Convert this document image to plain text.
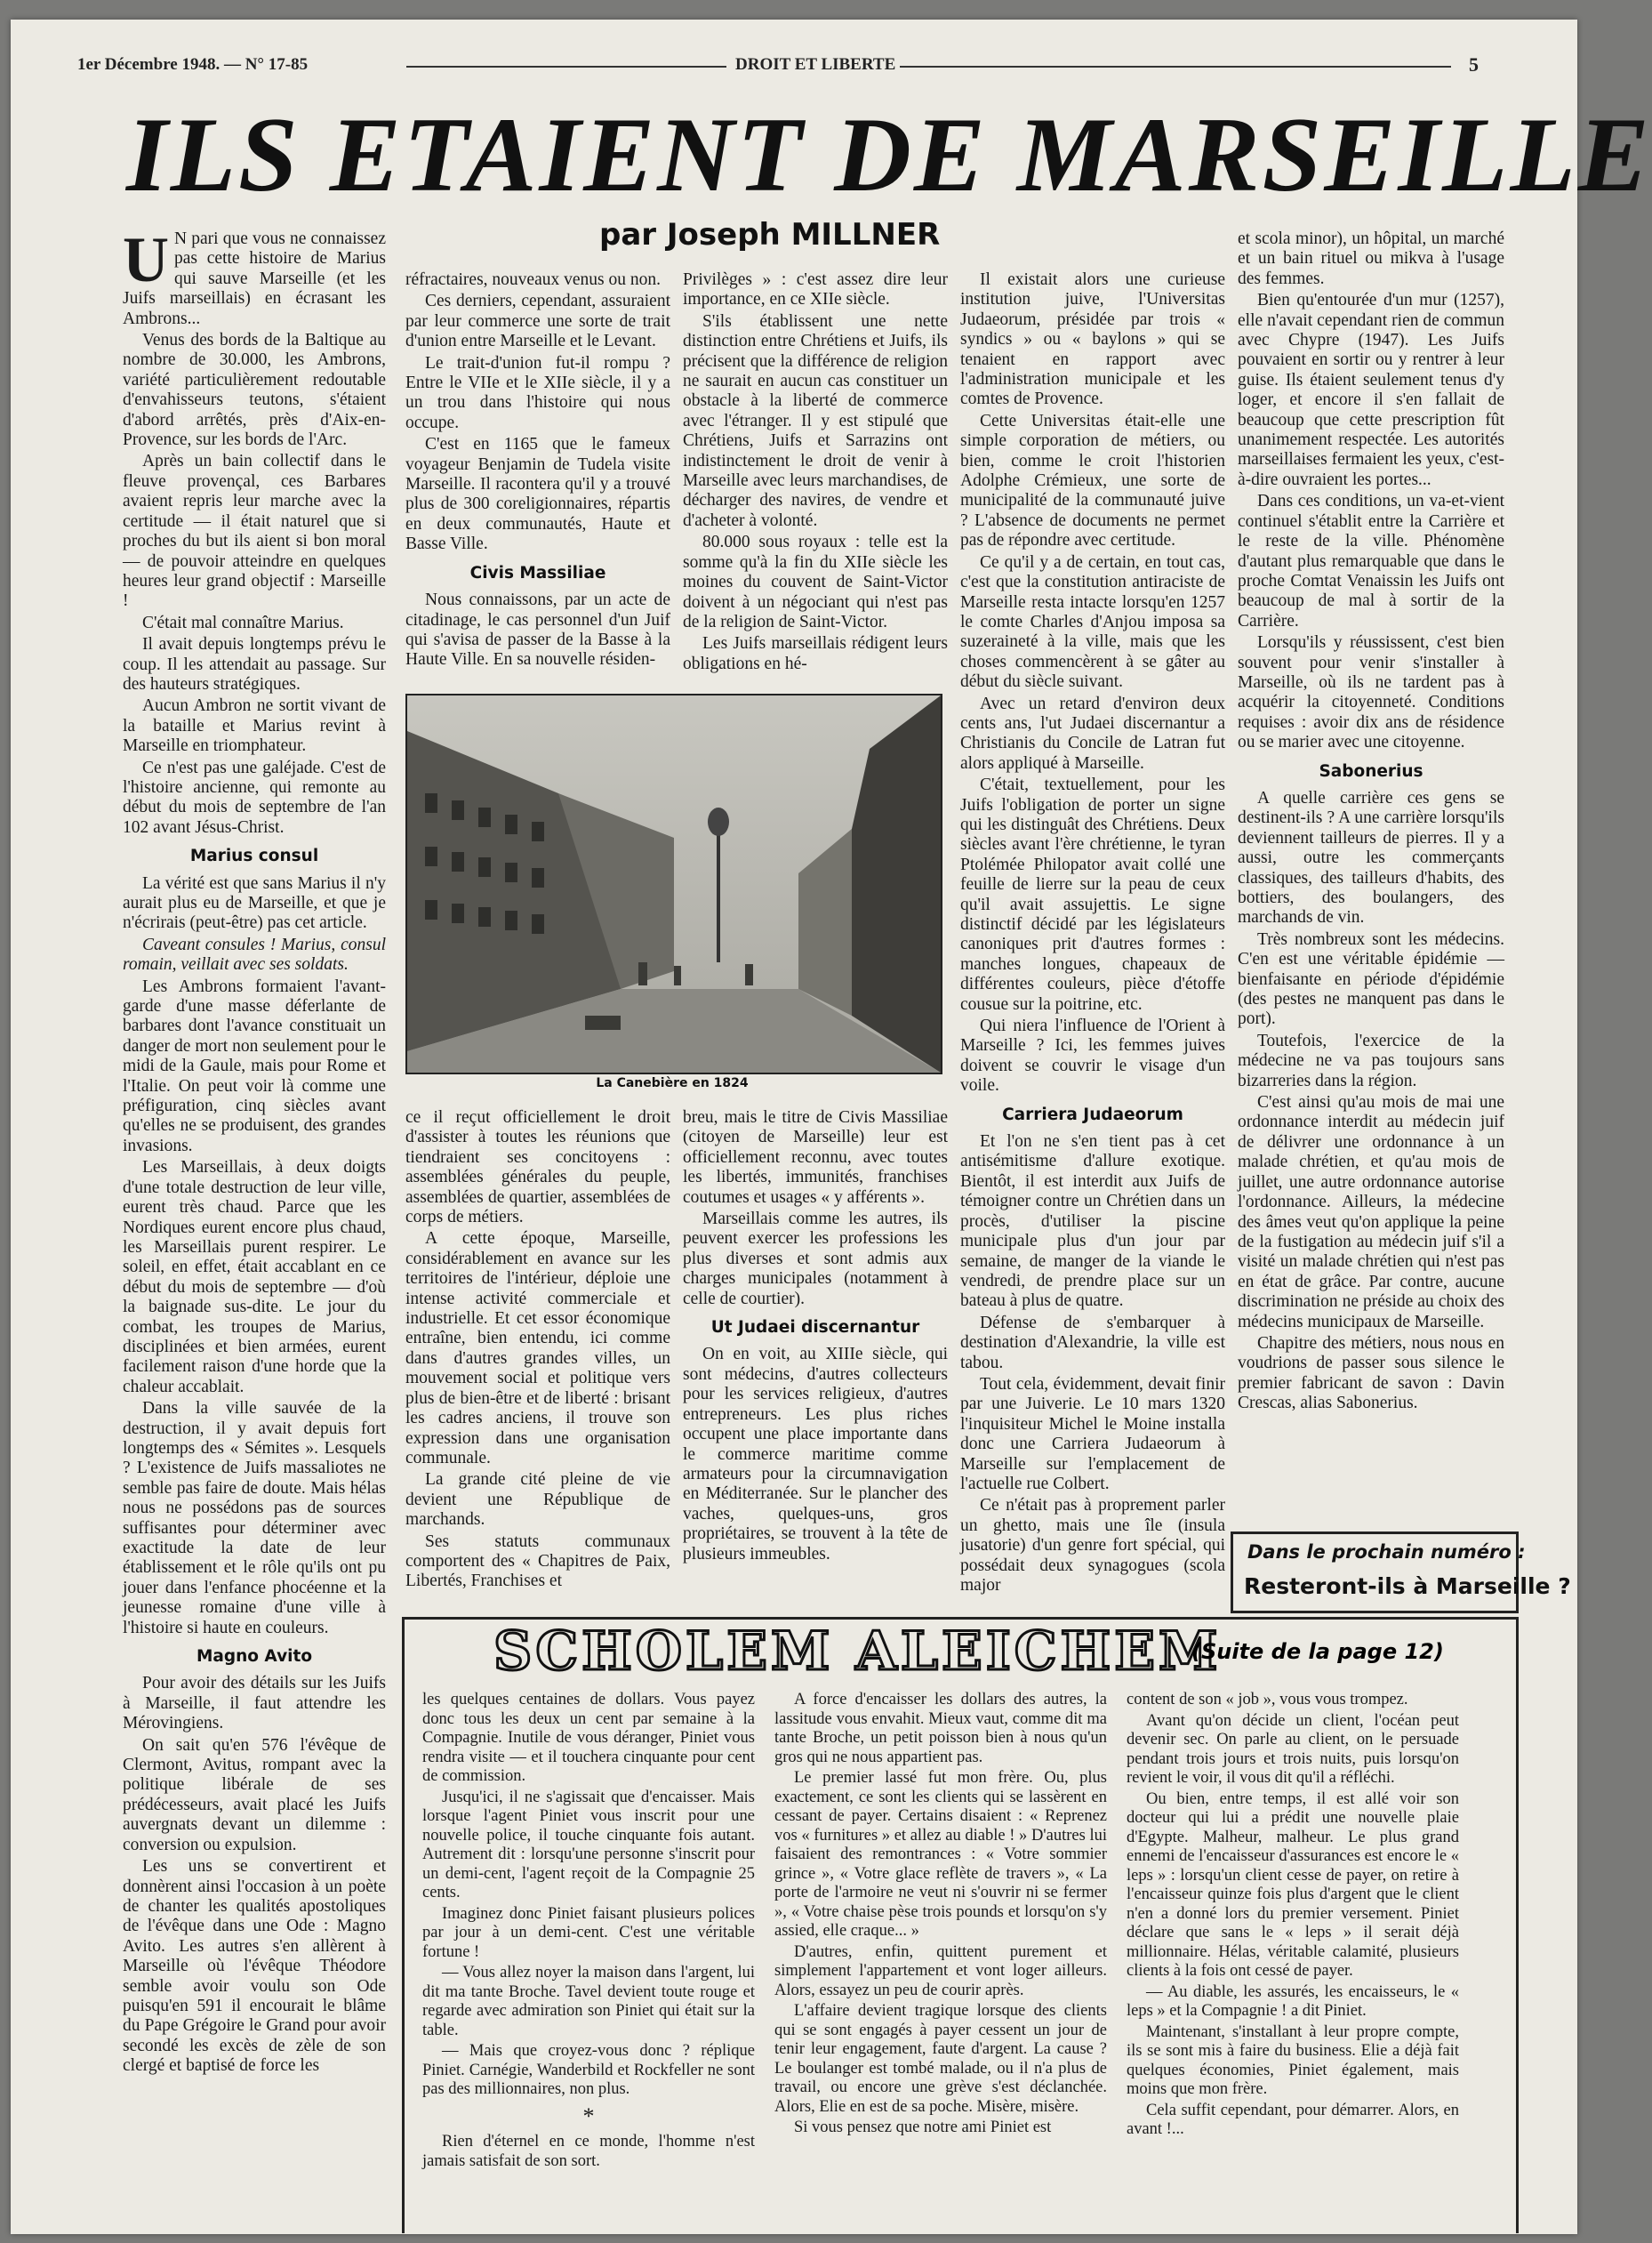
1er Décembre 1948. — N° 17-85	DROIT ET LIBERTE	5
ILS ETAIENT DE MARSEILLE
par Joseph MILLNER
U N pari que vous ne connaissez pas cette histoire de Marius qui sauve Marseille (et les Juifs marseillais) en écrasant les Ambrons...

Venus des bords de la Baltique au nombre de 30.000, les Ambrons, variété particulièrement redoutable d'envahisseurs teutons, s'étaient d'abord arrêtés, près d'Aix-en-Provence, sur les bords de l'Arc.

Après un bain collectif dans le fleuve provençal, ces Barbares avaient repris leur marche avec la certitude — il était naturel que si proches du but ils aient si bon moral — de pouvoir atteindre en quelques heures leur grand objectif : Marseille !

C'était mal connaître Marius.

Il avait depuis longtemps prévu le coup. Il les attendait au passage. Sur des hauteurs stratégiques.

Aucun Ambron ne sortit vivant de la bataille et Marius revint à Marseille en triomphateur.

Ce n'est pas une galéjade. C'est de l'histoire ancienne, qui remonte au début du mois de septembre de l'an 102 avant Jésus-Christ.

Marius consul

La vérité est que sans Marius il n'y aurait plus eu de Marseille, et que je n'écrirais (peut-être) pas cet article.

Caveant consules ! Marius, consul romain, veillait avec ses soldats.

Les Ambrons formaient l'avant-garde d'une masse déferlante de barbares dont l'avance constituait un danger de mort non seulement pour le midi de la Gaule, mais pour Rome et l'Italie. On peut voir là comme une préfiguration, cinq siècles avant qu'elles ne se produisent, des grandes invasions.

Les Marseillais, à deux doigts d'une totale destruction de leur ville, eurent très chaud. Parce que les Nordiques eurent encore plus chaud, les Marseillais purent respirer. Le soleil, en effet, était accablant en ce début du mois de septembre — d'où la baignade sus-dite. Le jour du combat, les troupes de Marius, disciplinées et bien armées, eurent facilement raison d'une horde que la chaleur accablait.

Dans la ville sauvée de la destruction, il y avait depuis fort longtemps des « Sémites ». Lesquels ? L'existence de Juifs massaliotes ne semble pas faire de doute. Mais hélas nous ne possédons pas de sources suffisantes pour déterminer avec exactitude la date de leur établissement et le rôle qu'ils ont pu jouer dans l'enfance phocéenne et la jeunesse romaine d'une ville à l'histoire si haute en couleurs.

Magno Avito

Pour avoir des détails sur les Juifs à Marseille, il faut attendre les Mérovingiens.

On sait qu'en 576 l'évêque de Clermont, Avitus, rompant avec la politique libérale de ses prédécesseurs, avait placé les Juifs auvergnats devant un dilemme : conversion ou expulsion.

Les uns se convertirent et donnèrent ainsi l'occasion à un poète de chanter les qualités apostoliques de l'évêque dans une Ode : Magno Avito. Les autres s'en allèrent à Marseille où l'évêque Théodore semble avoir voulu son Ode puisqu'en 591 il encourait le blâme du Pape Grégoire le Grand pour avoir secondé les excès de zèle de son clergé et baptisé de force les

réfractaires, nouveaux venus ou non.

Ces derniers, cependant, assuraient par leur commerce une sorte de trait d'union entre Marseille et le Levant.

Le trait-d'union fut-il rompu ? Entre le VIIe et le XIIe siècle, il y a un trou dans l'histoire qui nous occupe.

C'est en 1165 que le fameux voyageur Benjamin de Tudela visite Marseille. Il racontera qu'il y a trouvé plus de 300 coreligionnaires, répartis en deux communautés, Haute et Basse Ville.

Civis Massiliae

Nous connaissons, par un acte de citadinage, le cas personnel d'un Juif qui s'avisa de passer de la Basse à la Haute Ville. En sa nouvelle résiden-

Privilèges » : c'est assez dire leur importance, en ce XIIe siècle.

S'ils établissent une nette distinction entre Chrétiens et Juifs, ils précisent que la différence de religion ne saurait en aucun cas constituer un obstacle à la liberté de commerce avec l'étranger. Il y est stipulé que Chrétiens, Juifs et Sarrazins ont indistinctement le droit de venir à Marseille avec leurs marchandises, de décharger des navires, de vendre et d'acheter à volonté.

80.000 sous royaux : telle est la somme qu'à la fin du XIIe siècle les moines du couvent de Saint-Victor doivent à un négociant qui n'est pas de la religion de Saint-Victor.

Les Juifs marseillais rédigent leurs obligations en hé-

La Canebière en 1824

ce il reçut officiellement le droit d'assister à toutes les réunions que tiendraient ses concitoyens : assemblées générales du peuple, assemblées de quartier, assemblées de corps de métiers.

A cette époque, Marseille, considérablement en avance sur les territoires de l'intérieur, déploie une intense activité commerciale et industrielle. Et cet essor économique entraîne, bien entendu, ici comme dans d'autres grandes villes, un mouvement social et politique vers plus de bien-être et de liberté : brisant les cadres anciens, il trouve son expression dans une organisation communale.

La grande cité pleine de vie devient une République de marchands.

Ses statuts communaux comportent des « Chapitres de Paix, Libertés, Franchises et

breu, mais le titre de Civis Massiliae (citoyen de Marseille) leur est officiellement reconnu, avec toutes les libertés, immunités, franchises coutumes et usages « y afférents ».

Marseillais comme les autres, ils peuvent exercer les professions les plus diverses et sont admis aux charges municipales (notamment à celle de courtier).

Ut Judaei discernantur

On en voit, au XIIIe siècle, qui sont médecins, d'autres collecteurs pour les services religieux, d'autres entrepreneurs. Les plus riches occupent une place importante dans le commerce maritime comme armateurs pour la circumnavigation en Méditerranée. Sur le plancher des vaches, quelques-uns, gros propriétaires, se trouvent à la tête de plusieurs immeubles.

Il existait alors une curieuse institution juive, l'Universitas Judaeorum, présidée par trois « syndics » ou « baylons » qui se tenaient en rapport avec l'administration municipale et les comtes de Provence.

Cette Universitas était-elle une simple corporation de métiers, ou bien, comme le croit l'historien Adolphe Crémieux, une sorte de municipalité de la communauté juive ? L'absence de documents ne permet pas de répondre avec certitude.

Ce qu'il y a de certain, en tout cas, c'est que la constitution antiraciste de Marseille resta intacte lorsqu'en 1257 le comte Charles d'Anjou imposa sa suzeraineté à la ville, mais que les choses commencèrent à se gâter au début du siècle suivant.

Avec un retard d'environ deux cents ans, l'ut Judaei discernantur a Christianis du Concile de Latran fut alors appliqué à Marseille.

C'était, textuellement, pour les Juifs l'obligation de porter un signe qui les distinguât des Chrétiens. Deux siècles avant l'ère chrétienne, le tyran Ptolémée Philopator avait collé une feuille de lierre sur la peau de ceux qu'il avait assujettis. Le signe distinctif décidé par les législateurs canoniques prit d'autres formes : manches longues, chapeaux de différentes couleurs, pièce d'étoffe cousue sur la poitrine, etc.

Qui niera l'influence de l'Orient à Marseille ? Ici, les femmes juives doivent se couvrir le visage d'un voile.

Carriera Judaeorum

Et l'on ne s'en tient pas à cet antisémitisme d'allure exotique. Bientôt, il est interdit aux Juifs de témoigner contre un Chrétien dans un procès, d'utiliser la piscine municipale plus d'un jour par semaine, de manger de la viande le vendredi, de prendre place sur un bateau à plus de quatre.

Défense de s'embarquer à destination d'Alexandrie, la ville est tabou.

Tout cela, évidemment, devait finir par une Juiverie. Le 10 mars 1320 l'inquisiteur Michel le Moine installa donc une Carriera Judaeorum à Marseille sur l'emplacement de l'actuelle rue Colbert.

Ce n'était pas à proprement parler un ghetto, mais une île (insula jusatorie) d'un genre fort spécial, qui possédait deux synagogues (scola major

et scola minor), un hôpital, un marché et un bain rituel ou mikva à l'usage des femmes.

Bien qu'entourée d'un mur (1257), elle n'avait cependant rien de commun avec Chypre (1947). Les Juifs pouvaient en sortir ou y rentrer à leur guise. Ils étaient seulement tenus d'y loger, et encore il s'en fallait de beaucoup que cette prescription fût unanimement respectée. Les autorités marseillaises fermaient les yeux, c'est-à-dire ouvraient les portes...

Dans ces conditions, un va-et-vient continuel s'établit entre la Carrière et le reste de la ville. Phénomène d'autant plus remarquable que dans le proche Comtat Venaissin les Juifs ont beaucoup de mal à sortir de la Carrière.

Lorsqu'ils y réussissent, c'est bien souvent pour venir s'installer à Marseille, où ils ne tardent pas à acquérir la citoyenneté. Conditions requises : avoir dix ans de résidence ou se marier avec une citoyenne.

Sabonerius

A quelle carrière ces gens se destinent-ils ? A une carrière lorsqu'ils deviennent tailleurs de pierres. Il y a aussi, outre les commerçants classiques, des tailleurs d'habits, des bottiers, des boulangers, des marchands de vin.

Très nombreux sont les médecins. C'en est une véritable épidémie — bienfaisante en période d'épidémie (des pestes ne manquent pas dans le port).

Toutefois, l'exercice de la médecine ne va pas toujours sans bizarreries dans la région.

C'est ainsi qu'au mois de mai une ordonnance interdit au médecin juif de délivrer une ordonnance à un malade chrétien, et qu'au mois de juillet, une autre ordonnance autorise l'ordonnance. Ailleurs, la médecine des âmes veut qu'on applique la peine de la fustigation au médecin juif s'il a visité un malade chrétien qui n'est pas en état de grâce. Par contre, aucune discrimination ne préside au choix des médecins municipaux de Marseille.

Chapitre des métiers, nous nous en voudrions de passer sous silence le premier fabricant de savon : Davin Crescas, alias Sabonerius.

Dans le prochain numéro :
Resteront-ils à Marseille ?
SCHOLEM ALEICHEM
(Suite de la page 12)

les quelques centaines de dollars. Vous payez donc tous les deux un cent par semaine à la Compagnie. Inutile de vous déranger, Piniet vous rendra visite — et il touchera cinquante pour cent de commission.

Jusqu'ici, il ne s'agissait que d'encaisser. Mais lorsque l'agent Piniet vous inscrit pour une nouvelle police, il touche cinquante fois autant. Autrement dit : lorsqu'une personne s'inscrit pour un demi-cent, l'agent reçoit de la Compagnie 25 cents.

Imaginez donc Piniet faisant plusieurs polices par jour à un demi-cent. C'est une véritable fortune !

— Vous allez noyer la maison dans l'argent, lui dit ma tante Broche. Tavel devient toute rouge et regarde avec admiration son Piniet qui était sur la table.

— Mais que croyez-vous donc ? réplique Piniet. Carnégie, Wanderbild et Rockfeller ne sont pas des millionnaires, non plus.

*

Rien d'éternel en ce monde, l'homme n'est jamais satisfait de son sort.

A force d'encaisser les dollars des autres, la lassitude vous envahit. Mieux vaut, comme dit ma tante Broche, un petit poisson bien à nous qu'un gros qui ne nous appartient pas.

Le premier lassé fut mon frère. Ou, plus exactement, ce sont les clients qui se lassèrent en cessant de payer. Certains disaient : « Reprenez vos « furnitures » et allez au diable ! » D'autres lui faisaient des remontrances : « Votre sommier grince », « Votre glace reflète de travers », « La porte de l'armoire ne veut ni s'ouvrir ni se fermer », « Votre chaise pèse trois pounds et lorsqu'on s'y assied, elle craque... »

D'autres, enfin, quittent purement et simplement l'appartement et vont loger ailleurs. Alors, essayez un peu de courir après.

L'affaire devient tragique lorsque des clients qui se sont engagés à payer cessent un jour de tenir leur engagement, faute d'argent. La cause ? Le boulanger est tombé malade, ou il n'a plus de travail, ou encore une grève s'est déclanchée. Alors, Elie en est de sa poche. Misère, misère.

Si vous pensez que notre ami Piniet est

content de son « job », vous vous trompez.

Avant qu'on décide un client, l'océan peut devenir sec. On parle au client, on le persuade pendant trois jours et trois nuits, puis lorsqu'on revient le voir, il vous dit qu'il a réfléchi.

Ou bien, entre temps, il est allé voir son docteur qui lui a prédit une nouvelle plaie d'Egypte. Malheur, malheur. Le plus grand ennemi de l'encaisseur d'assurances est encore le « leps » : lorsqu'un client cesse de payer, on retire à l'encaisseur quinze fois plus d'argent que le client n'en a donné lors du premier versement. Piniet déclare que sans le « leps » il serait déjà millionnaire. Hélas, véritable calamité, plusieurs clients à la fois ont cessé de payer.

— Au diable, les assurés, les encaisseurs, le « leps » et la Compagnie ! a dit Piniet.

Maintenant, s'installant à leur propre compte, ils se sont mis à faire du business. Elie a déjà fait quelques économies, Piniet également, mais moins que mon frère.

Cela suffit cependant, pour démarrer. Alors, en avant !...
